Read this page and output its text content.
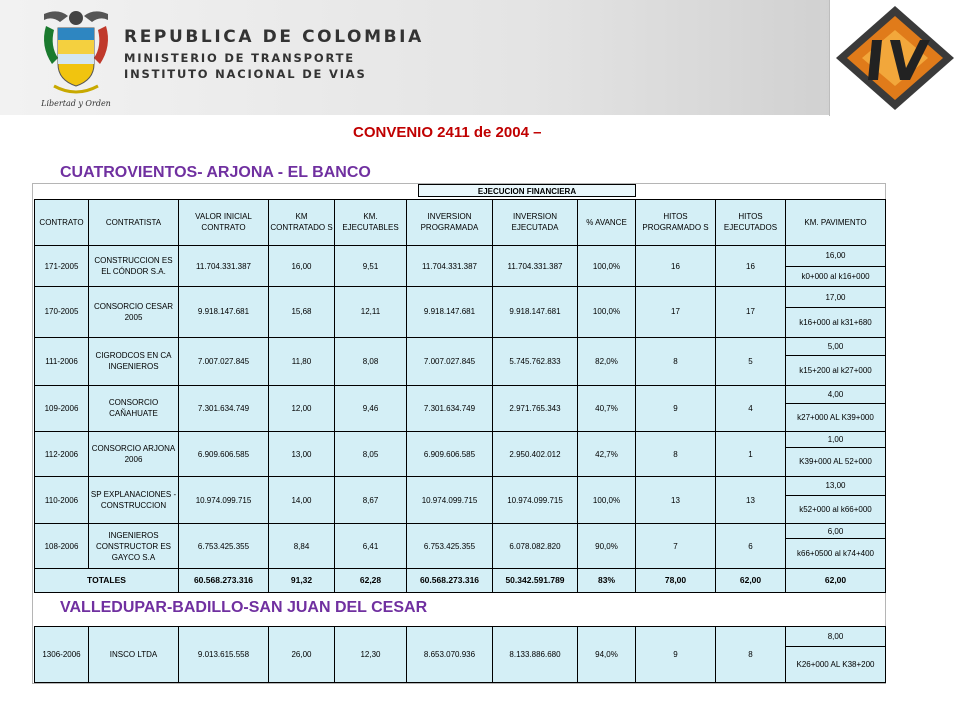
Libertad y Orden
REPUBLICA DE COLOMBIA
MINISTERIO DE TRANSPORTE
INSTITUTO NACIONAL DE VIAS
CONVENIO 2411 de 2004 –
CUATROVIENTOS- ARJONA - EL BANCO
EJECUCION FINANCIERA
CONTRATO	CONTRATISTA	VALOR INICIAL CONTRATO	KM CONTRATADO S	KM. EJECUTABLES	INVERSION PROGRAMADA	INVERSION EJECUTADA	% AVANCE	HITOS PROGRAMADO S	HITOS EJECUTADOS	KM. PAVIMENTO
171-2005	CONSTRUCCION ES EL CÓNDOR S.A.	11.704.331.387	16,00	9,51	11.704.331.387	11.704.331.387	100,0%	16	16	16,00
										k0+000 al k16+000
170-2005	CONSORCIO CESAR 2005	9.918.147.681	15,68	12,11	9.918.147.681	9.918.147.681	100,0%	17	17	17,00
										k16+000 al k31+680
111-2006	CIGRODCOS EN CA INGENIEROS	7.007.027.845	11,80	8,08	7.007.027.845	5.745.762.833	82,0%	8	5	5,00
										k15+200 al k27+000
109-2006	CONSORCIO CAÑAHUATE	7.301.634.749	12,00	9,46	7.301.634.749	2.971.765.343	40,7%	9	4	4,00
										k27+000 AL K39+000
112-2006	CONSORCIO ARJONA 2006	6.909.606.585	13,00	8,05	6.909.606.585	2.950.402.012	42,7%	8	1	1,00
										K39+000 AL 52+000
110-2006	SP EXPLANACIONES - CONSTRUCCION	10.974.099.715	14,00	8,67	10.974.099.715	10.974.099.715	100,0%	13	13	13,00
										k52+000 al k66+000
108-2006	INGENIEROS CONSTRUCTOR ES GAYCO S.A	6.753.425.355	8,84	6,41	6.753.425.355	6.078.082.820	90,0%	7	6	6,00
										k66+0500 al k74+400
TOTALES		60.568.273.316	91,32	62,28	60.568.273.316	50.342.591.789	83%	78,00	62,00	62,00
VALLEDUPAR-BADILLO-SAN JUAN DEL CESAR
1306-2006	INSCO LTDA	9.013.615.558	26,00	12,30	8.653.070.936	8.133.886.680	94,0%	9	8	8,00
K26+000 AL K38+200
